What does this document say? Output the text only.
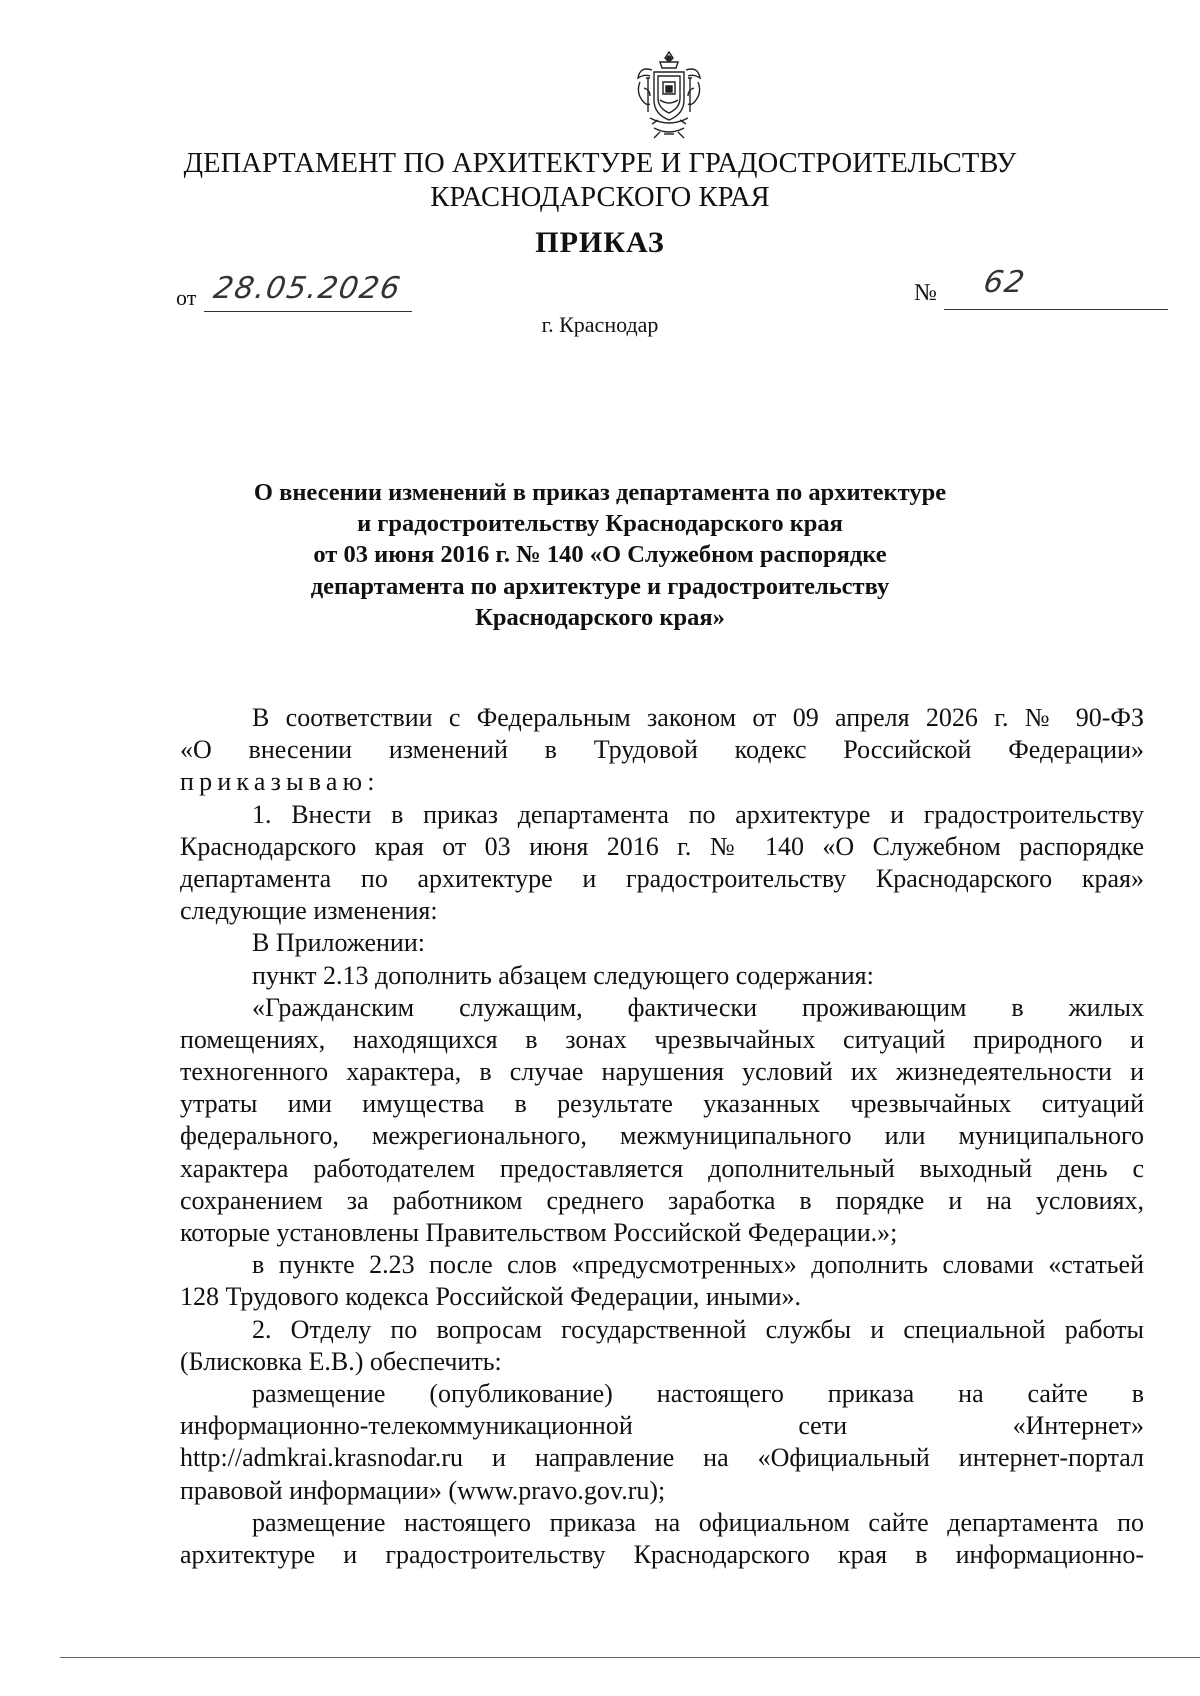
ДЕПАРТАМЕНТ ПО АРХИТЕКТУРЕ И ГРАДОСТРОИТЕЛЬСТВУ
КРАСНОДАРСКОГО КРАЯ
ПРИКАЗ
от 28.05.2026	№ 62
г. Краснодар
О внесении изменений в приказ департамента по архитектуре
и градостроительству Краснодарского края
от 03 июня 2016 г. № 140 «О Служебном распорядке
департамента по архитектуре и градостроительству
Краснодарского края»
В соответствии с Федеральным законом от 09 апреля 2026 г. № 90-ФЗ
«О внесении изменений в Трудовой кодекс Российской Федерации»
приказываю:
1. Внести в приказ департамента по архитектуре и градостроительству
Краснодарского края от 03 июня 2016 г. № 140 «О Служебном распорядке
департамента по архитектуре и градостроительству Краснодарского края»
следующие изменения:
В Приложении:
пункт 2.13 дополнить абзацем следующего содержания:
«Гражданским служащим, фактически проживающим в жилых
помещениях, находящихся в зонах чрезвычайных ситуаций природного и
техногенного характера, в случае нарушения условий их жизнедеятельности и
утраты ими имущества в результате указанных чрезвычайных ситуаций
федерального, межрегионального, межмуниципального или муниципального
характера работодателем предоставляется дополнительный выходный день с
сохранением за работником среднего заработка в порядке и на условиях,
которые установлены Правительством Российской Федерации.»;
в пункте 2.23 после слов «предусмотренных» дополнить словами «статьей
128 Трудового кодекса Российской Федерации, иными».
2. Отделу по вопросам государственной службы и специальной работы
(Блисковка Е.В.) обеспечить:
размещение (опубликование) настоящего приказа на сайте в
информационно-телекоммуникационной сети «Интернет»
http://admkrai.krasnodar.ru и направление на «Официальный интернет-портал
правовой информации» (www.pravo.gov.ru);
размещение настоящего приказа на официальном сайте департамента по
архитектуре и градостроительству Краснодарского края в информационно-
